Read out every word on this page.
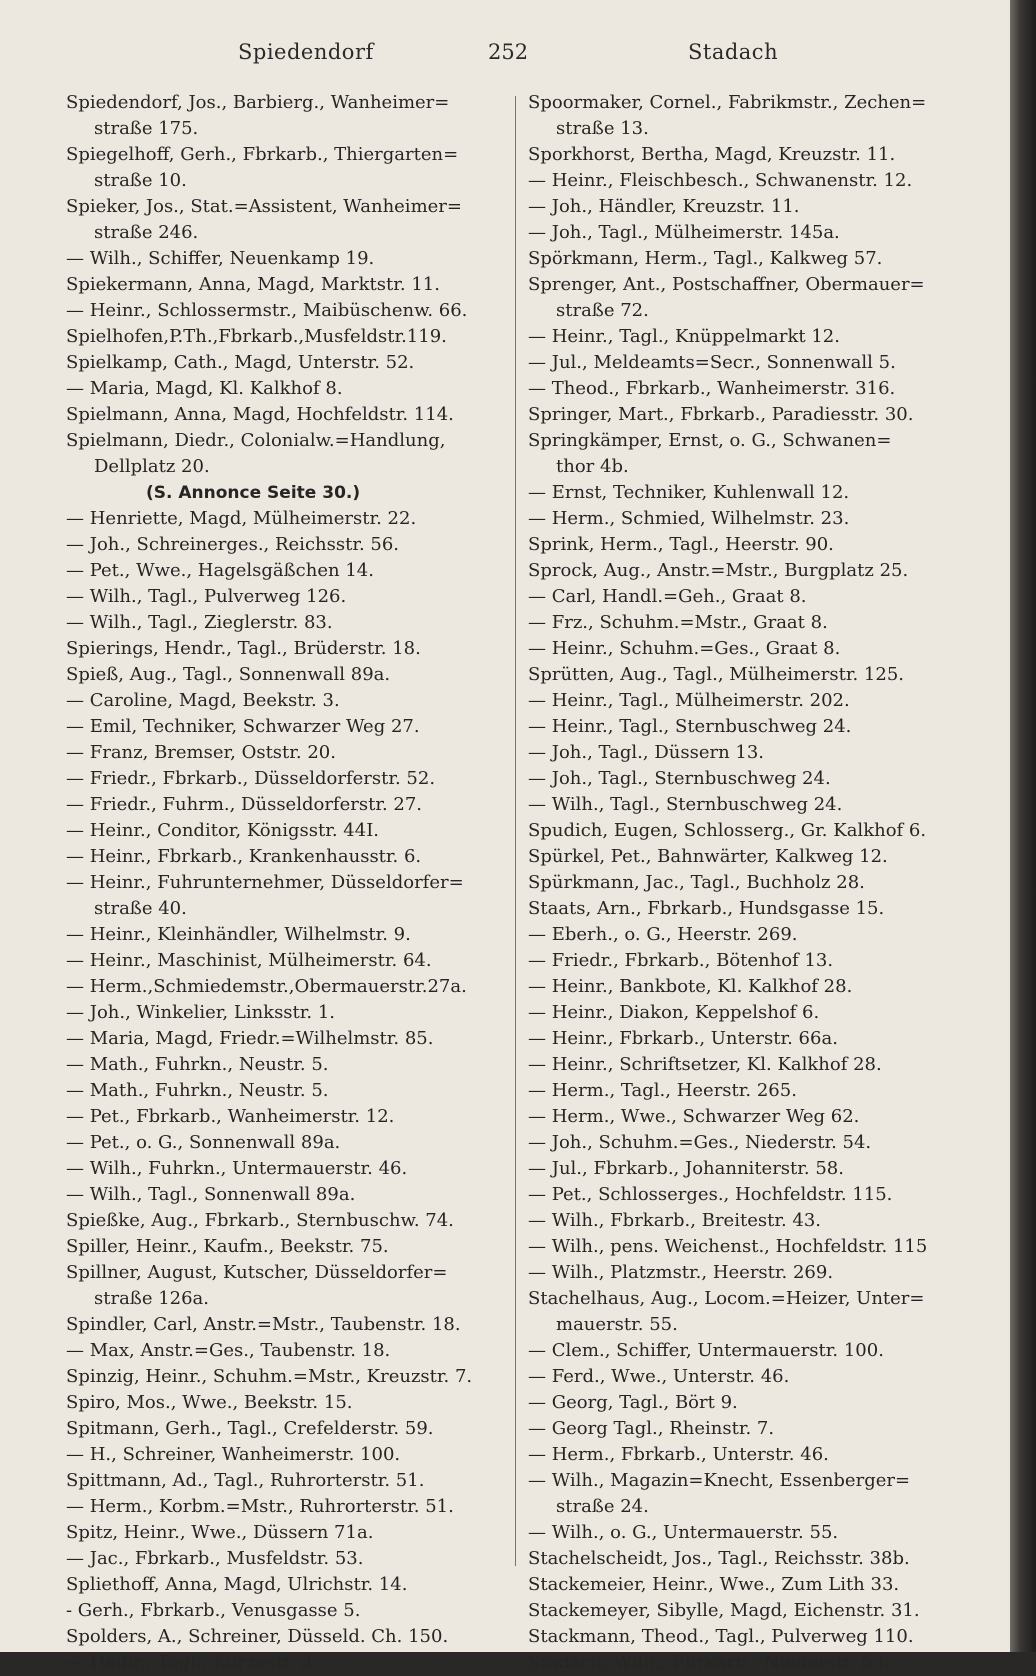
Spiedendorf	252	Stadach
Spiedendorf, Jos., Barbierg., Wanheimer=
straße 175.
Spiegelhoff, Gerh., Fbrkarb., Thiergarten=
straße 10.
Spieker, Jos., Stat.=Assistent, Wanheimer=
straße 246.
— Wilh., Schiffer, Neuenkamp 19.
Spiekermann, Anna, Magd, Marktstr. 11.
— Heinr., Schlossermstr., Maibüschenw. 66.
Spielhofen,P.Th.,Fbrkarb.,Musfeldstr.119.
Spielkamp, Cath., Magd, Unterstr. 52.
— Maria, Magd, Kl. Kalkhof 8.
Spielmann, Anna, Magd, Hochfeldstr. 114.
Spielmann, Diedr., Colonialw.=Handlung,
Dellplatz 20.
(S. Annonce Seite 30.)
— Henriette, Magd, Mülheimerstr. 22.
— Joh., Schreinerges., Reichsstr. 56.
— Pet., Wwe., Hagelsgäßchen 14.
— Wilh., Tagl., Pulverweg 126.
— Wilh., Tagl., Zieglerstr. 83.
Spierings, Hendr., Tagl., Brüderstr. 18.
Spieß, Aug., Tagl., Sonnenwall 89a.
— Caroline, Magd, Beekstr. 3.
— Emil, Techniker, Schwarzer Weg 27.
— Franz, Bremser, Oststr. 20.
— Friedr., Fbrkarb., Düsseldorferstr. 52.
— Friedr., Fuhrm., Düsseldorferstr. 27.
— Heinr., Conditor, Königsstr. 44I.
— Heinr., Fbrkarb., Krankenhausstr. 6.
— Heinr., Fuhrunternehmer, Düsseldorfer=
straße 40.
— Heinr., Kleinhändler, Wilhelmstr. 9.
— Heinr., Maschinist, Mülheimerstr. 64.
— Herm.,Schmiedemstr.,Obermauerstr.27a.
— Joh., Winkelier, Linksstr. 1.
— Maria, Magd, Friedr.=Wilhelmstr. 85.
— Math., Fuhrkn., Neustr. 5.
— Math., Fuhrkn., Neustr. 5.
— Pet., Fbrkarb., Wanheimerstr. 12.
— Pet., o. G., Sonnenwall 89a.
— Wilh., Fuhrkn., Untermauerstr. 46.
— Wilh., Tagl., Sonnenwall 89a.
Spießke, Aug., Fbrkarb., Sternbuschw. 74.
Spiller, Heinr., Kaufm., Beekstr. 75.
Spillner, August, Kutscher, Düsseldorfer=
straße 126a.
Spindler, Carl, Anstr.=Mstr., Taubenstr. 18.
— Max, Anstr.=Ges., Taubenstr. 18.
Spinzig, Heinr., Schuhm.=Mstr., Kreuzstr. 7.
Spiro, Mos., Wwe., Beekstr. 15.
Spitmann, Gerh., Tagl., Crefelderstr. 59.
— H., Schreiner, Wanheimerstr. 100.
Spittmann, Ad., Tagl., Ruhrorterstr. 51.
— Herm., Korbm.=Mstr., Ruhrorterstr. 51.
Spitz, Heinr., Wwe., Düssern 71a.
— Jac., Fbrkarb., Musfeldstr. 53.
Spliethoff, Anna, Magd, Ulrichstr. 14.
- Gerh., Fbrkarb., Venusgasse 5.
Spolders, A., Schreiner, Düsseld. Ch. 150.
— Heinr., Tagl., Kurzestr. 3.
Spoormaker, Cornel., Fabrikmstr., Zechen=
straße 13.
Sporkhorst, Bertha, Magd, Kreuzstr. 11.
— Heinr., Fleischbesch., Schwanenstr. 12.
— Joh., Händler, Kreuzstr. 11.
— Joh., Tagl., Mülheimerstr. 145a.
Spörkmann, Herm., Tagl., Kalkweg 57.
Sprenger, Ant., Postschaffner, Obermauer=
straße 72.
— Heinr., Tagl., Knüppelmarkt 12.
— Jul., Meldeamts=Secr., Sonnenwall 5.
— Theod., Fbrkarb., Wanheimerstr. 316.
Springer, Mart., Fbrkarb., Paradiesstr. 30.
Springkämper, Ernst, o. G., Schwanen=
thor 4b.
— Ernst, Techniker, Kuhlenwall 12.
— Herm., Schmied, Wilhelmstr. 23.
Sprink, Herm., Tagl., Heerstr. 90.
Sprock, Aug., Anstr.=Mstr., Burgplatz 25.
— Carl, Handl.=Geh., Graat 8.
— Frz., Schuhm.=Mstr., Graat 8.
— Heinr., Schuhm.=Ges., Graat 8.
Sprütten, Aug., Tagl., Mülheimerstr. 125.
— Heinr., Tagl., Mülheimerstr. 202.
— Heinr., Tagl., Sternbuschweg 24.
— Joh., Tagl., Düssern 13.
— Joh., Tagl., Sternbuschweg 24.
— Wilh., Tagl., Sternbuschweg 24.
Spudich, Eugen, Schlosserg., Gr. Kalkhof 6.
Spürkel, Pet., Bahnwärter, Kalkweg 12.
Spürkmann, Jac., Tagl., Buchholz 28.
Staats, Arn., Fbrkarb., Hundsgasse 15.
— Eberh., o. G., Heerstr. 269.
— Friedr., Fbrkarb., Bötenhof 13.
— Heinr., Bankbote, Kl. Kalkhof 28.
— Heinr., Diakon, Keppelshof 6.
— Heinr., Fbrkarb., Unterstr. 66a.
— Heinr., Schriftsetzer, Kl. Kalkhof 28.
— Herm., Tagl., Heerstr. 265.
— Herm., Wwe., Schwarzer Weg 62.
— Joh., Schuhm.=Ges., Niederstr. 54.
— Jul., Fbrkarb., Johanniterstr. 58.
— Pet., Schlosserges., Hochfeldstr. 115.
— Wilh., Fbrkarb., Breitestr. 43.
— Wilh., pens. Weichenst., Hochfeldstr. 115
— Wilh., Platzmstr., Heerstr. 269.
Stachelhaus, Aug., Locom.=Heizer, Unter=
mauerstr. 55.
— Clem., Schiffer, Untermauerstr. 100.
— Ferd., Wwe., Unterstr. 46.
— Georg, Tagl., Bört 9.
— Georg Tagl., Rheinstr. 7.
— Herm., Fbrkarb., Unterstr. 46.
— Wilh., Magazin=Knecht, Essenberger=
straße 24.
— Wilh., o. G., Untermauerstr. 55.
Stachelscheidt, Jos., Tagl., Reichsstr. 38b.
Stackemeier, Heinr., Wwe., Zum Lith 33.
Stackemeyer, Sibylle, Magd, Eichenstr. 31.
Stackmann, Theod., Tagl., Pulverweg 110.
Stadach, Wilh., Fbrkarb., Niederstr. 53.
